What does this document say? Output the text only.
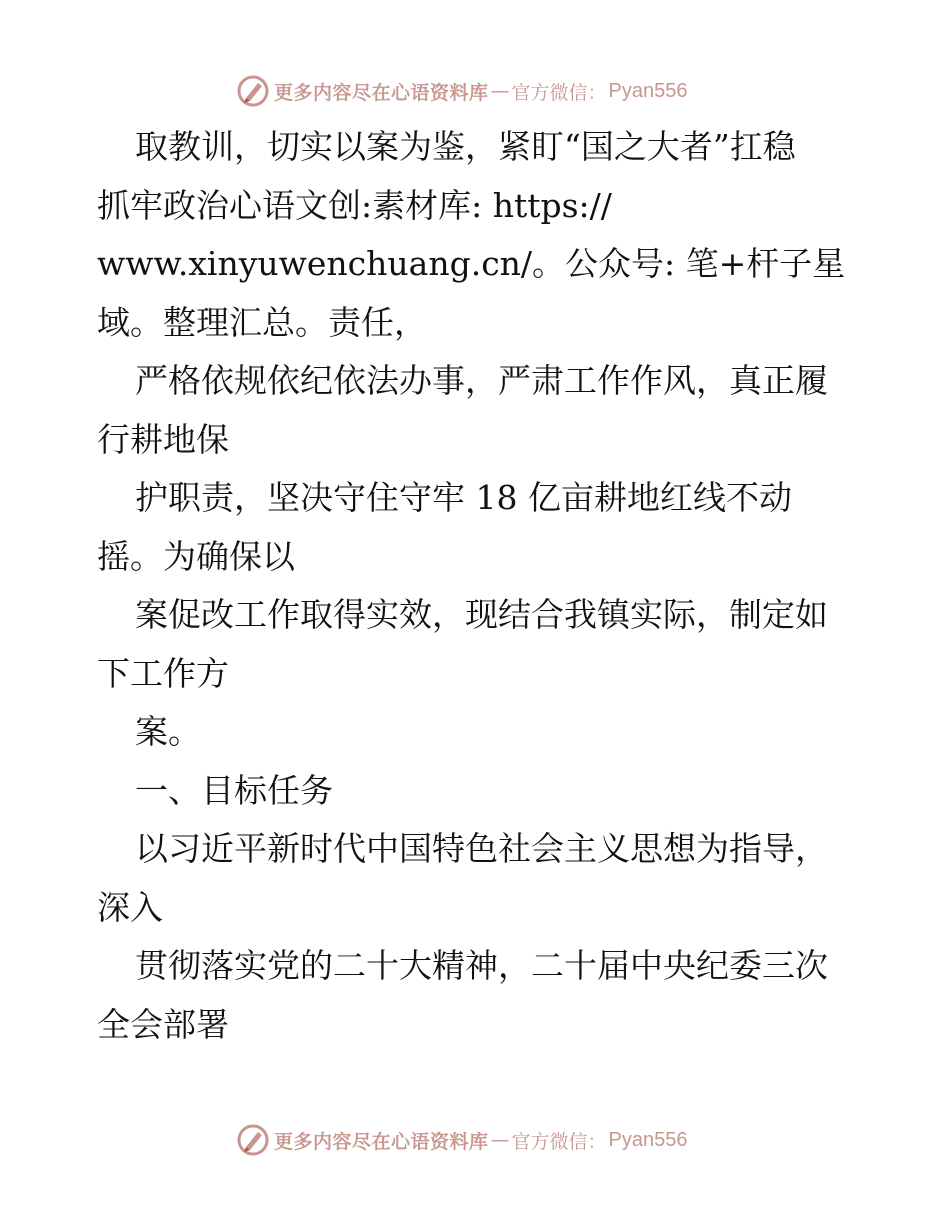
更多内容尽在心语资料库 — 官方微信： Pyan556
取教训，切实以案为鉴，紧盯“国之大者”扛稳
抓牢政治心语文创:素材库: https://
www.xinyuwenchuang.cn/。公众号: 笔+杆子星
域。整理汇总。责任，
严格依规依纪依法办事，严肃工作作风，真正履
行耕地保
护职责，坚决守住守牢 18 亿亩耕地红线不动
摇。为确保以
案促改工作取得实效，现结合我镇实际，制定如
下工作方
案。
一、目标任务
以习近平新时代中国特色社会主义思想为指导，
深入
贯彻落实党的二十大精神，二十届中央纪委三次
全会部署
更多内容尽在心语资料库 — 官方微信： Pyan556
